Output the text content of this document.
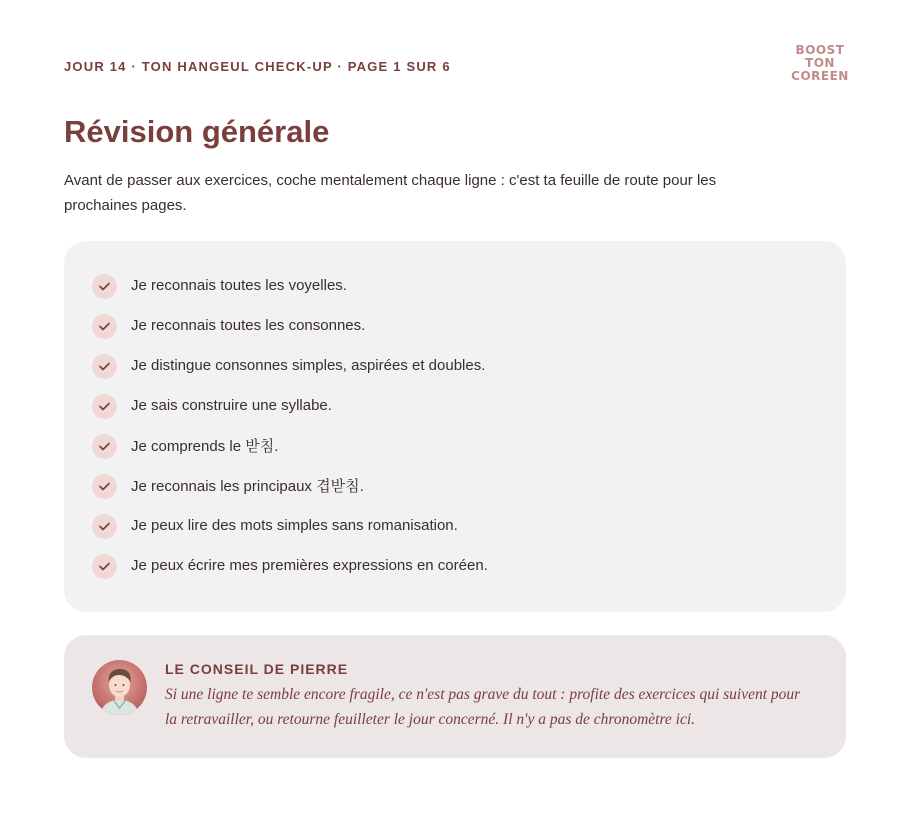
JOUR 14 · TON HANGEUL CHECK-UP · PAGE 1 SUR 6
BOOST
TON
COREEN
Révision générale

Avant de passer aux exercices, coche mentalement chaque ligne : c'est ta feuille de route pour les prochaines pages.

Je reconnais toutes les voyelles.
Je reconnais toutes les consonnes.
Je distingue consonnes simples, aspirées et doubles.
Je sais construire une syllabe.
Je comprends le 받침.
Je reconnais les principaux 겹받침.
Je peux lire des mots simples sans romanisation.
Je peux écrire mes premières expressions en coréen.
LE CONSEIL DE PIERRE

Si une ligne te semble encore fragile, ce n'est pas grave du tout : profite des exercices qui suivent pour la retravailler, ou retourne feuilleter le jour concerné. Il n'y a pas de chronomètre ici.
